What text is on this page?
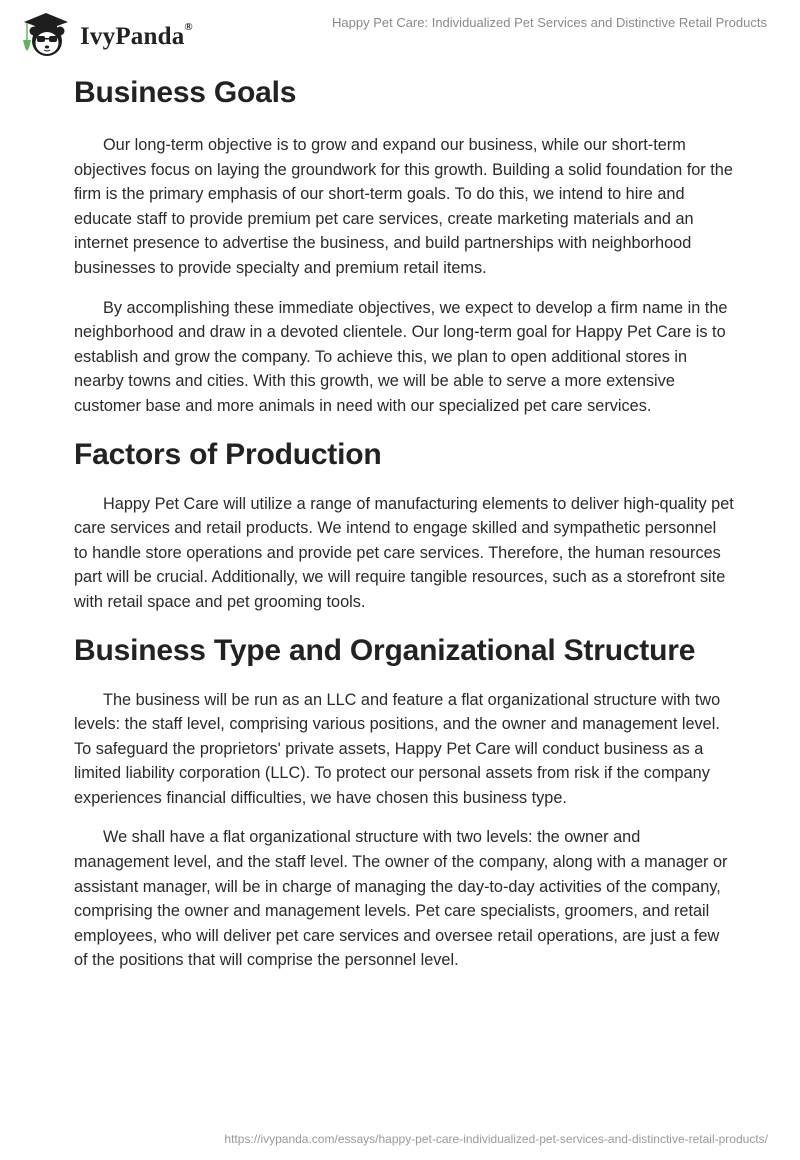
IvyPanda®	Happy Pet Care: Individualized Pet Services and Distinctive Retail Products
Business Goals

Our long-term objective is to grow and expand our business, while our short-term objectives focus on laying the groundwork for this growth. Building a solid foundation for the firm is the primary emphasis of our short-term goals. To do this, we intend to hire and educate staff to provide premium pet care services, create marketing materials and an internet presence to advertise the business, and build partnerships with neighborhood businesses to provide specialty and premium retail items.

By accomplishing these immediate objectives, we expect to develop a firm name in the neighborhood and draw in a devoted clientele. Our long-term goal for Happy Pet Care is to establish and grow the company. To achieve this, we plan to open additional stores in nearby towns and cities. With this growth, we will be able to serve a more extensive customer base and more animals in need with our specialized pet care services.

Factors of Production

Happy Pet Care will utilize a range of manufacturing elements to deliver high-quality pet care services and retail products. We intend to engage skilled and sympathetic personnel to handle store operations and provide pet care services. Therefore, the human resources part will be crucial. Additionally, we will require tangible resources, such as a storefront site with retail space and pet grooming tools.

Business Type and Organizational Structure

The business will be run as an LLC and feature a flat organizational structure with two levels: the staff level, comprising various positions, and the owner and management level. To safeguard the proprietors' private assets, Happy Pet Care will conduct business as a limited liability corporation (LLC). To protect our personal assets from risk if the company experiences financial difficulties, we have chosen this business type.

We shall have a flat organizational structure with two levels: the owner and management level, and the staff level. The owner of the company, along with a manager or assistant manager, will be in charge of managing the day-to-day activities of the company, comprising the owner and management levels. Pet care specialists, groomers, and retail employees, who will deliver pet care services and oversee retail operations, are just a few of the positions that will comprise the personnel level.

https://ivypanda.com/essays/happy-pet-care-individualized-pet-services-and-distinctive-retail-products/
